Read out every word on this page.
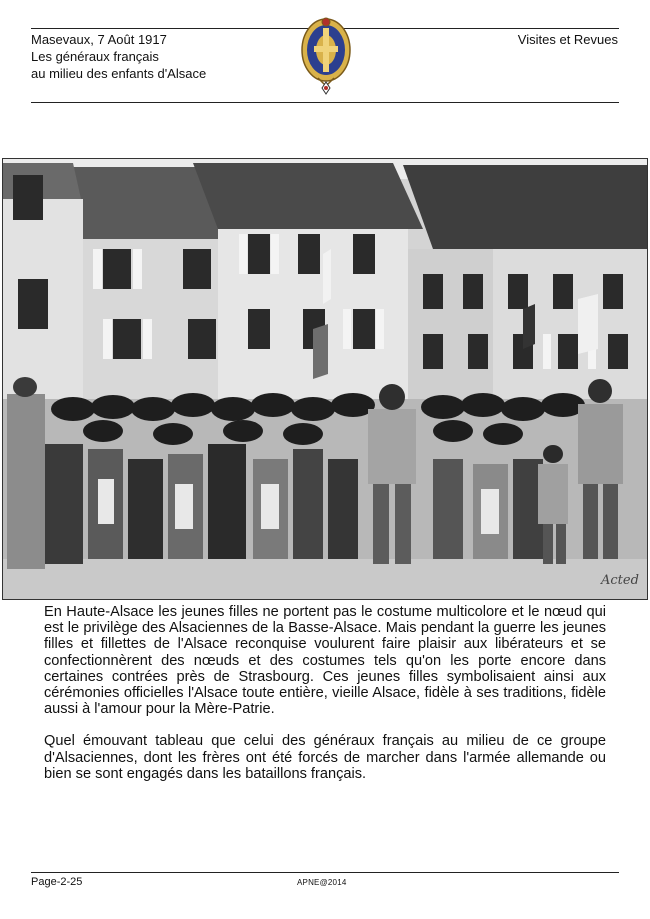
Masevaux, 7 Août 1917
Les généraux français
au milieu des enfants d'Alsace
Visites et Revues
Acted

En Haute-Alsace les jeunes filles ne portent pas le costume multicolore et le nœud qui est le privilège des Alsaciennes de la Basse-Alsace. Mais pendant la guerre les jeunes filles et fillettes de l'Alsace reconquise voulurent faire plaisir aux libérateurs et se confectionnèrent des nœuds et des costumes tels qu'on les porte encore dans certaines contrées près de Strasbourg. Ces jeunes filles symbolisaient ainsi aux cérémonies officielles l'Alsace toute entière, vieille Alsace, fidèle à ses traditions, fidèle aussi à l'amour pour la Mère-Patrie.

Quel émouvant tableau que celui des généraux français au milieu de ce groupe d'Alsaciennes, dont les frères ont été forcés de marcher dans l'armée allemande ou bien se sont engagés dans les bataillons français.

Page-2-25	APNE@2014
